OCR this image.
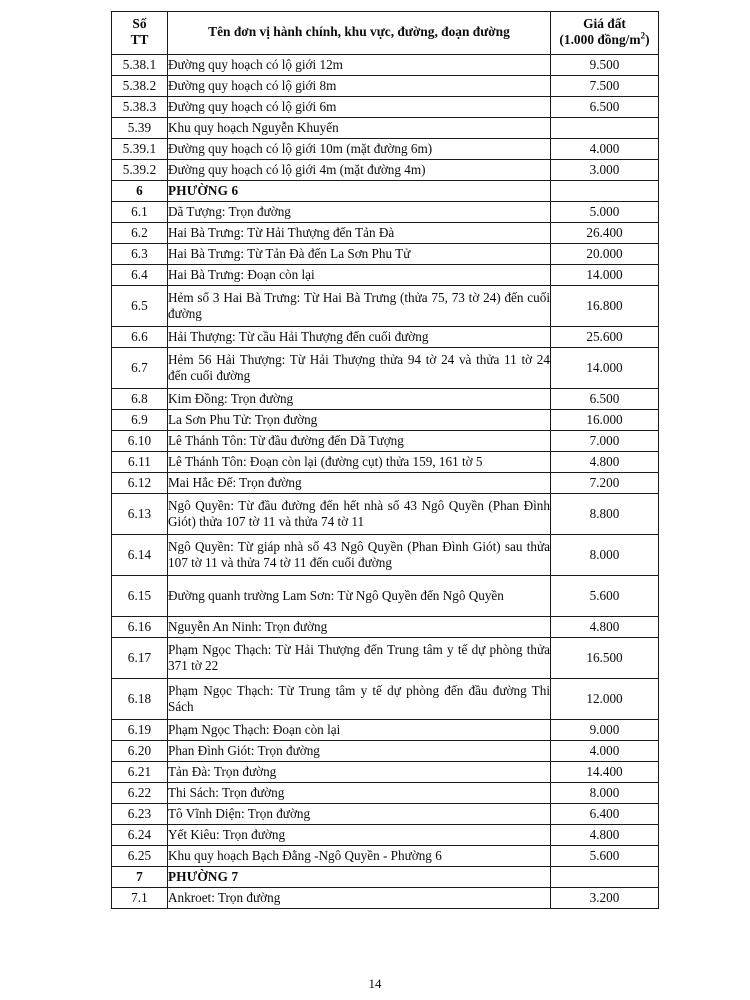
Số
TT	Tên đơn vị hành chính, khu vực, đường, đoạn đường	Giá đất
(1.000 đồng/$m^2$)
5.38.1	Đường quy hoạch có lộ giới 12m	9.500
5.38.2	Đường quy hoạch có lộ giới 8m	7.500
5.38.3	Đường quy hoạch có lộ giới 6m	6.500
5.39	Khu quy hoạch Nguyễn Khuyến	
5.39.1	Đường quy hoạch có lộ giới 10m (mặt đường 6m)	4.000
5.39.2	Đường quy hoạch có lộ giới 4m (mặt đường 4m)	3.000
6	PHƯỜNG 6	
6.1	Dã Tượng: Trọn đường	5.000
6.2	Hai Bà Trưng: Từ Hải Thượng đến Tản Đà	26.400
6.3	Hai Bà Trưng: Từ Tản Đà đến La Sơn Phu Tử	20.000
6.4	Hai Bà Trưng: Đoạn còn lại	14.000
6.5	Hẻm số 3 Hai Bà Trưng: Từ Hai Bà Trưng (thửa 75, 73 tờ 24) đến cuối đường	16.800
6.6	Hải Thượng: Từ cầu Hải Thượng đến cuối đường	25.600
6.7	Hẻm 56 Hải Thượng: Từ Hải Thượng thửa 94 tờ 24 và thửa 11 tờ 24 đến cuối đường	14.000
6.8	Kim Đồng: Trọn đường	6.500
6.9	La Sơn Phu Tử: Trọn đường	16.000
6.10	Lê Thánh Tôn: Từ đầu đường đến Dã Tượng	7.000
6.11	Lê Thánh Tôn: Đoạn còn lại (đường cụt) thửa 159, 161 tờ 5	4.800
6.12	Mai Hắc Đế: Trọn đường	7.200
6.13	Ngô Quyền: Từ đầu đường đến hết nhà số 43 Ngô Quyền (Phan Đình Giót) thửa 107 tờ 11 và thửa 74 tờ 11	8.800
6.14	Ngô Quyền: Từ giáp nhà số 43 Ngô Quyền (Phan Đình Giót) sau thửa 107 tờ 11 và thửa 74 tờ 11 đến cuối đường	8.000
6.15	Đường quanh trường Lam Sơn: Từ Ngô Quyền đến Ngô Quyền	5.600
6.16	Nguyễn An Ninh: Trọn đường	4.800
6.17	Phạm Ngọc Thạch: Từ Hải Thượng đến Trung tâm y tế dự phòng thửa 371 tờ 22	16.500
6.18	Phạm Ngọc Thạch: Từ Trung tâm y tế dự phòng đến đầu đường Thi Sách	12.000
6.19	Phạm Ngọc Thạch: Đoạn còn lại	9.000
6.20	Phan Đình Giót: Trọn đường	4.000
6.21	Tản Đà: Trọn đường	14.400
6.22	Thi Sách: Trọn đường	8.000
6.23	Tô Vĩnh Diện: Trọn đường	6.400
6.24	Yết Kiêu: Trọn đường	4.800
6.25	Khu quy hoạch Bạch Đằng -Ngô Quyền - Phường 6	5.600
7	PHƯỜNG 7	
7.1	Ankroet: Trọn đường	3.200
14
